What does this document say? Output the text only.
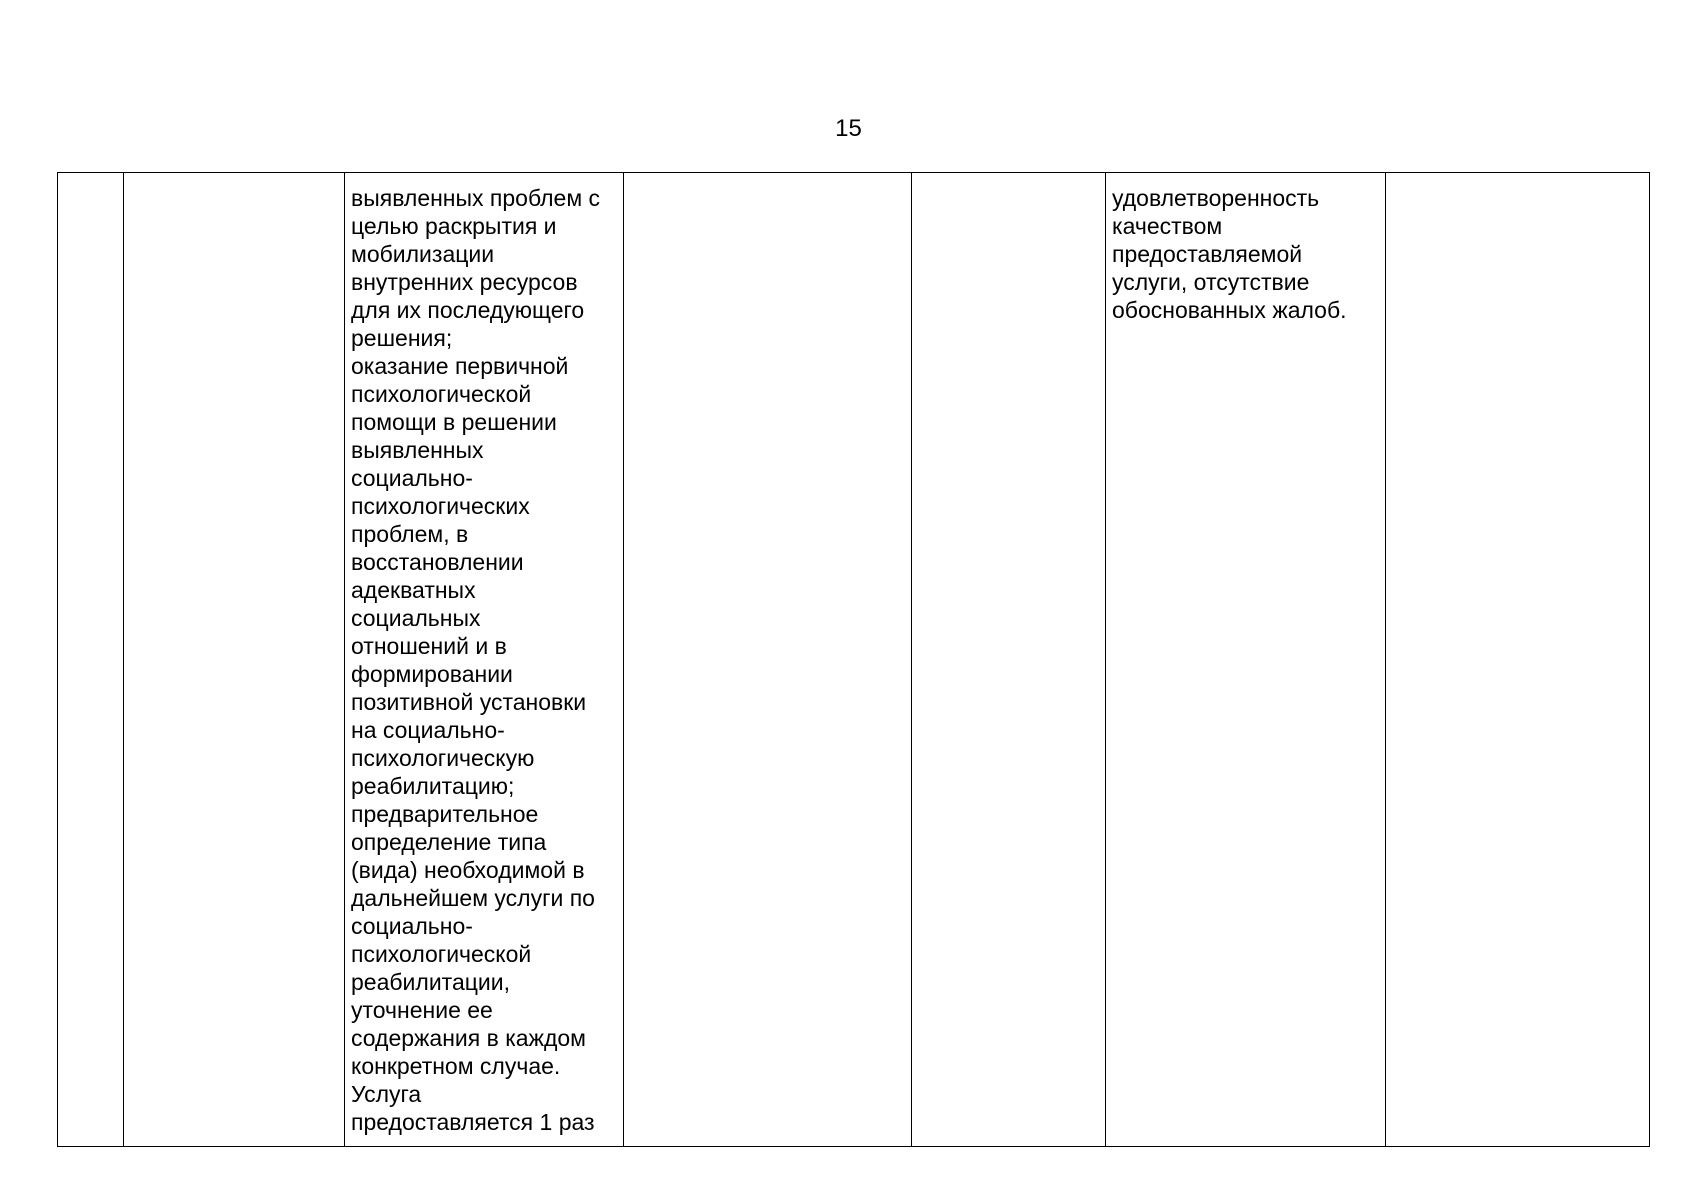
15
		выявленных проблем с
целью раскрытия и
мобилизации
внутренних ресурсов
для их последующего
решения;
оказание первичной
психологической
помощи в решении
выявленных
социально-
психологических
проблем, в
восстановлении
адекватных
социальных
отношений и в
формировании
позитивной установки
на социально-
психологическую
реабилитацию;
предварительное
определение типа
(вида) необходимой в
дальнейшем услуги по
социально-
психологической
реабилитации,
уточнение ее
содержания в каждом
конкретном случае.
Услуга
предоставляется 1 раз			удовлетворенность
качеством
предоставляемой
услуги, отсутствие
обоснованных жалоб.	
